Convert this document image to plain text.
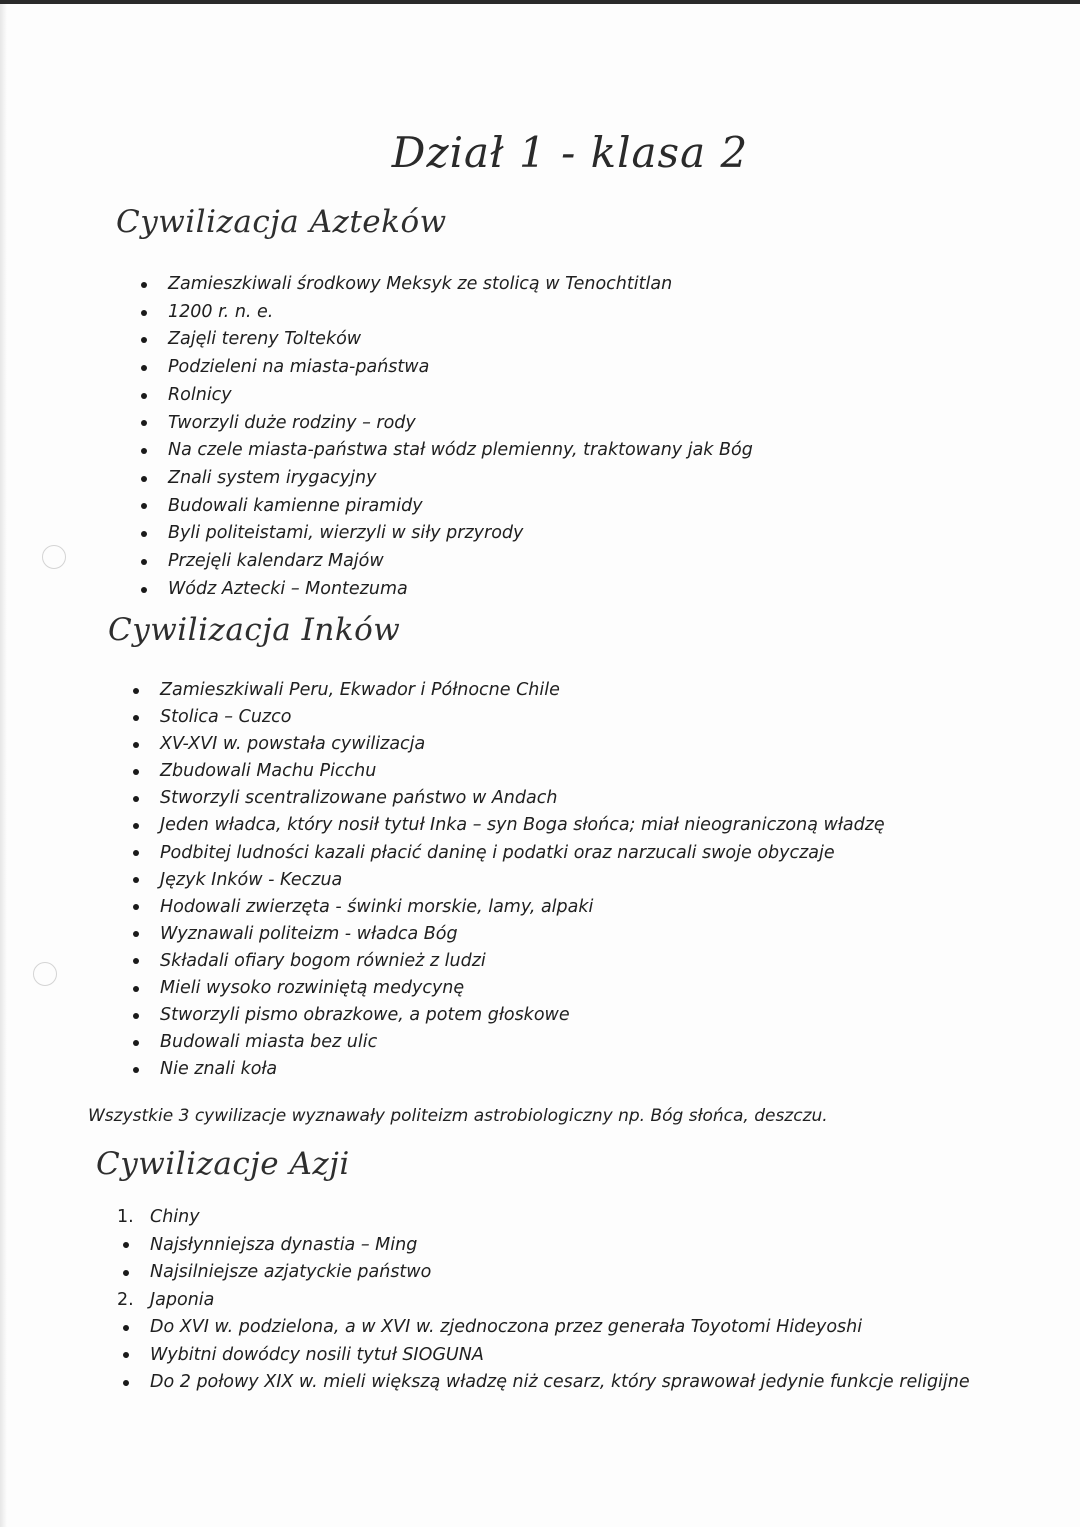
Dział 1 - klasa 2
Cywilizacja Azteków
Zamieszkiwali środkowy Meksyk ze stolicą w Tenochtitlan
1200 r. n. e.
Zajęli tereny Tolteków
Podzieleni na miasta-państwa
Rolnicy
Tworzyli duże rodziny – rody
Na czele miasta-państwa stał wódz plemienny, traktowany jak Bóg
Znali system irygacyjny
Budowali kamienne piramidy
Byli politeistami, wierzyli w siły przyrody
Przejęli kalendarz Majów
Wódz Aztecki – Montezuma
Cywilizacja Inków
Zamieszkiwali Peru, Ekwador i Północne Chile
Stolica – Cuzco
XV-XVI w. powstała cywilizacja
Zbudowali Machu Picchu
Stworzyli scentralizowane państwo w Andach
Jeden władca, który nosił tytuł Inka – syn Boga słońca; miał nieograniczoną władzę
Podbitej ludności kazali płacić daninę i podatki oraz narzucali swoje obyczaje
Język Inków - Keczua
Hodowali zwierzęta - świnki morskie, lamy, alpaki
Wyznawali politeizm - władca Bóg
Składali ofiary bogom również z ludzi
Mieli wysoko rozwiniętą medycynę
Stworzyli pismo obrazkowe, a potem głoskowe
Budowali miasta bez ulic
Nie znali koła
Wszystkie 3 cywilizacje wyznawały politeizm astrobiologiczny np. Bóg słońca, deszczu.
Cywilizacje Azji
1. Chiny
Najsłynniejsza dynastia – Ming
Najsilniejsze azjatyckie państwo
2. Japonia
Do XVI w. podzielona, a w XVI w. zjednoczona przez generała Toyotomi Hideyoshi
Wybitni dowódcy nosili tytuł SIOGUNA
Do 2 połowy XIX w. mieli większą władzę niż cesarz, który sprawował jedynie funkcje religijne
